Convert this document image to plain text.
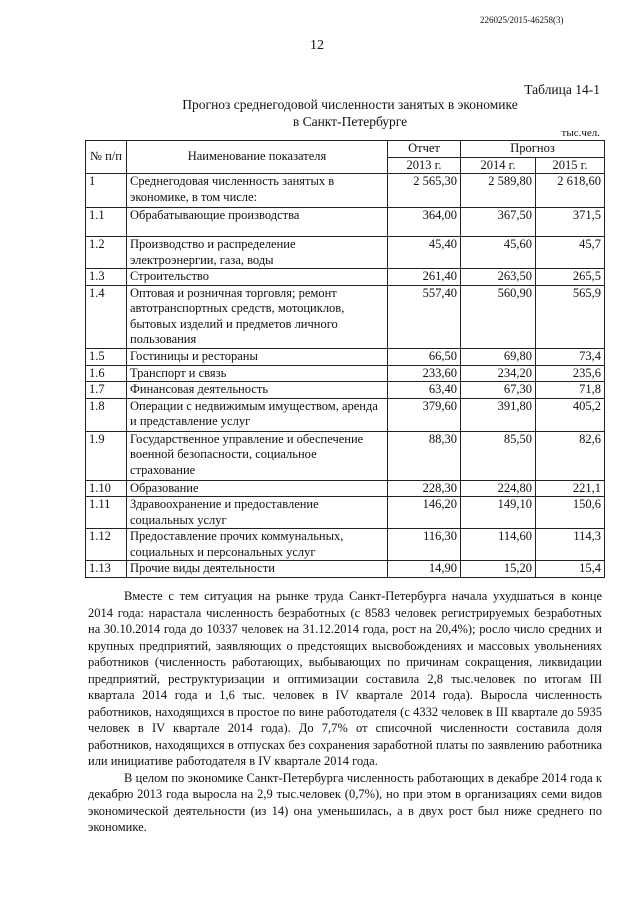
226025/2015-46258(3)
12
Таблица 14-1
Прогноз среднегодовой численности занятых в экономике
в Санкт-Петербурге
тыс.чел.
№ п/п	Наименование показателя	Отчет	Прогноз	
		2013 г.	2014 г.	2015 г.
1	Среднегодовая численность занятых в экономике, в том числе:	2 565,30	2 589,80	2 618,60
1.1	Обрабатывающие производства	364,00	367,50	371,5
1.2	Производство и распределение электроэнергии, газа, воды	45,40	45,60	45,7
1.3	Строительство	261,40	263,50	265,5
1.4	Оптовая и розничная торговля; ремонт автотранспортных средств, мотоциклов, бытовых изделий и предметов личного пользования	557,40	560,90	565,9
1.5	Гостиницы и рестораны	66,50	69,80	73,4
1.6	Транспорт и связь	233,60	234,20	235,6
1.7	Финансовая деятельность	63,40	67,30	71,8
1.8	Операции с недвижимым имуществом, аренда и представление услуг	379,60	391,80	405,2
1.9	Государственное управление и обеспечение военной безопасности, социальное страхование	88,30	85,50	82,6
1.10	Образование	228,30	224,80	221,1
1.11	Здравоохранение и предоставление социальных услуг	146,20	149,10	150,6
1.12	Предоставление прочих коммунальных, социальных и персональных услуг	116,30	114,60	114,3
1.13	Прочие виды деятельности	14,90	15,20	15,4

Вместе с тем ситуация на рынке труда Санкт-Петербурга начала ухудшаться в конце 2014 года: нарастала численность безработных (с 8583 человек регистрируемых безработных на 30.10.2014 года до 10337 человек на 31.12.2014 года, рост на 20,4%); росло число средних и крупных предприятий, заявляющих о предстоящих высвобождениях и массовых увольнениях работников (численность работающих, выбывающих по причинам сокращения, ликвидации предприятий, реструктуризации и оптимизации составила 2,8 тыс.человек по итогам III квартала 2014 года и 1,6 тыс. человек в IV квартале 2014 года). Выросла численность работников, находящихся в простое по вине работодателя (с 4332 человек в III квартале до 5935 человек в IV квартале 2014 года). До 7,7% от списочной численности составила доля работников, находящихся в отпусках без сохранения заработной платы по заявлению работника или инициативе работодателя в IV квартале 2014 года.

В целом по экономике Санкт-Петербурга численность работающих в декабре 2014 года к декабрю 2013 года выросла на 2,9 тыс.человек (0,7%), но при этом в организациях семи видов экономической деятельности (из 14) она уменьшилась, а в двух рост был ниже среднего по экономике.
